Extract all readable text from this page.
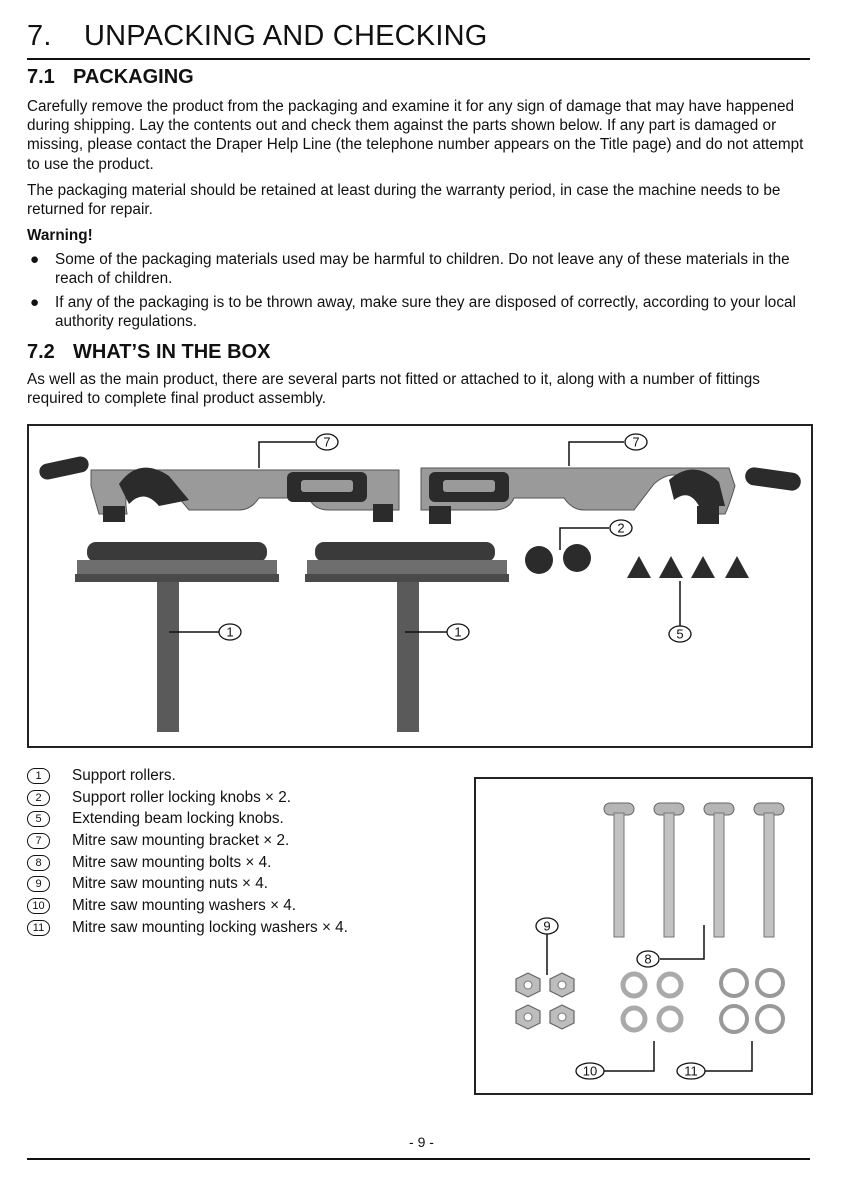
7. UNPACKING AND CHECKING
7.1 PACKAGING
Carefully remove the product from the packaging and examine it for any sign of damage that may have happened during shipping. Lay the contents out and check them against the parts shown below. If any part is damaged or missing, please contact the Draper Help Line (the telephone number appears on the Title page) and do not attempt to use the product.
The packaging material should be retained at least during the warranty period, in case the machine needs to be returned for repair.
Warning!
● Some of the packaging materials used may be harmful to children. Do not leave any of these materials in the reach of children.
● If any of the packaging is to be thrown away, make sure they are disposed of correctly, according to your local authority regulations.
7.2 WHAT’S IN THE BOX
As well as the main product, there are several parts not fitted or attached to it, along with a number of fittings required to complete final product assembly.
7	7
2
1	1	5
1	Support rollers.
2	Support roller locking knobs × 2.
5	Extending beam locking knobs.
7	Mitre saw mounting bracket × 2.
8	Mitre saw mounting bolts × 4.
9	Mitre saw mounting nuts × 4.
10	Mitre saw mounting washers × 4.
11	Mitre saw mounting locking washers × 4.	9
8
10	11
- 9 -
